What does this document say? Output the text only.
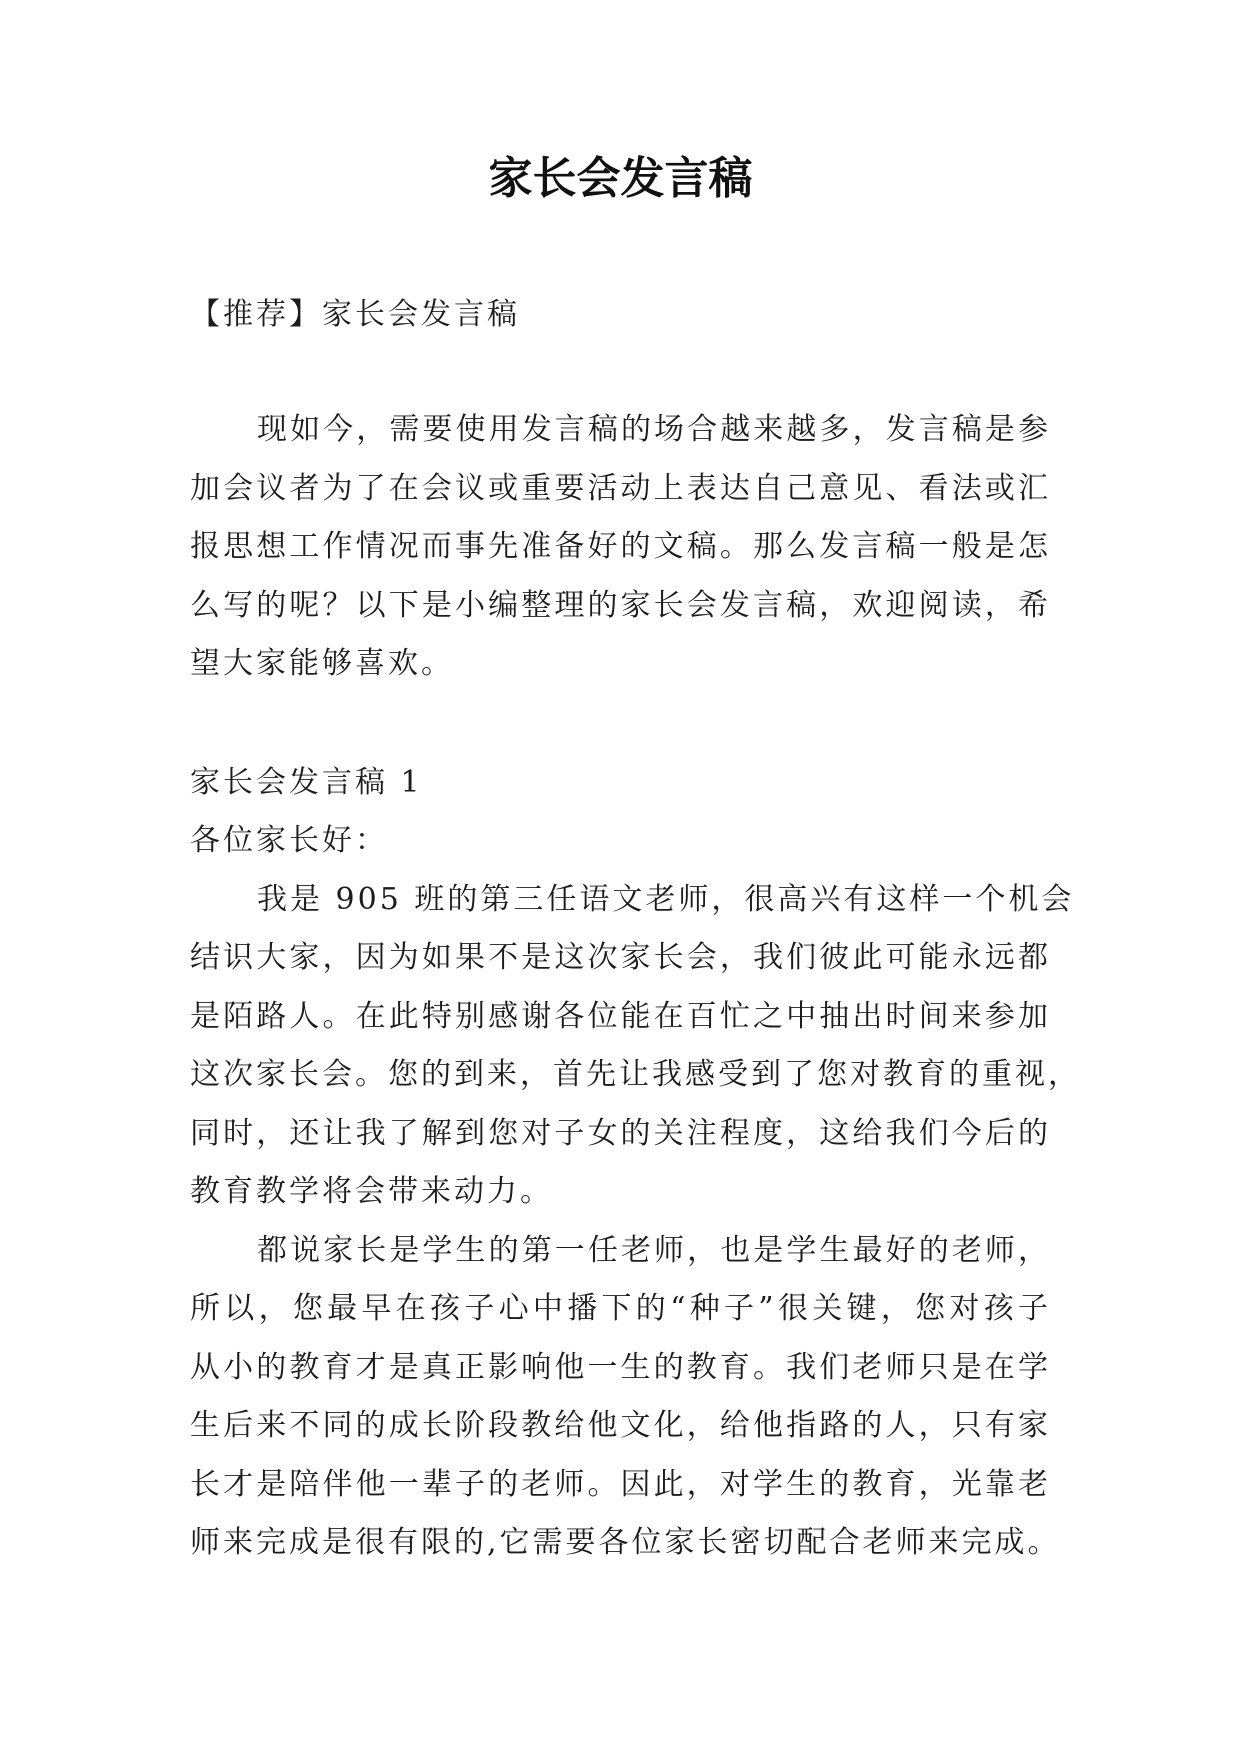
家长会发言稿
【推荐】家长会发言稿
现如今，需要使用发言稿的场合越来越多，发言稿是参
加会议者为了在会议或重要活动上表达自己意见、看法或汇
报思想工作情况而事先准备好的文稿。那么发言稿一般是怎
么写的呢？以下是小编整理的家长会发言稿，欢迎阅读，希
望大家能够喜欢。
家长会发言稿 1
各位家长好：
我是 905 班的第三任语文老师，很高兴有这样一个机会
结识大家，因为如果不是这次家长会，我们彼此可能永远都
是陌路人。在此特别感谢各位能在百忙之中抽出时间来参加
这次家长会。您的到来，首先让我感受到了您对教育的重视，
同时，还让我了解到您对子女的关注程度，这给我们今后的
教育教学将会带来动力。
都说家长是学生的第一任老师，也是学生最好的老师，
所以，您最早在孩子心中播下的“种子”很关键，您对孩子
从小的教育才是真正影响他一生的教育。我们老师只是在学
生后来不同的成长阶段教给他文化，给他指路的人，只有家
长才是陪伴他一辈子的老师。因此，对学生的教育，光靠老
师来完成是很有限的,它需要各位家长密切配合老师来完成。
